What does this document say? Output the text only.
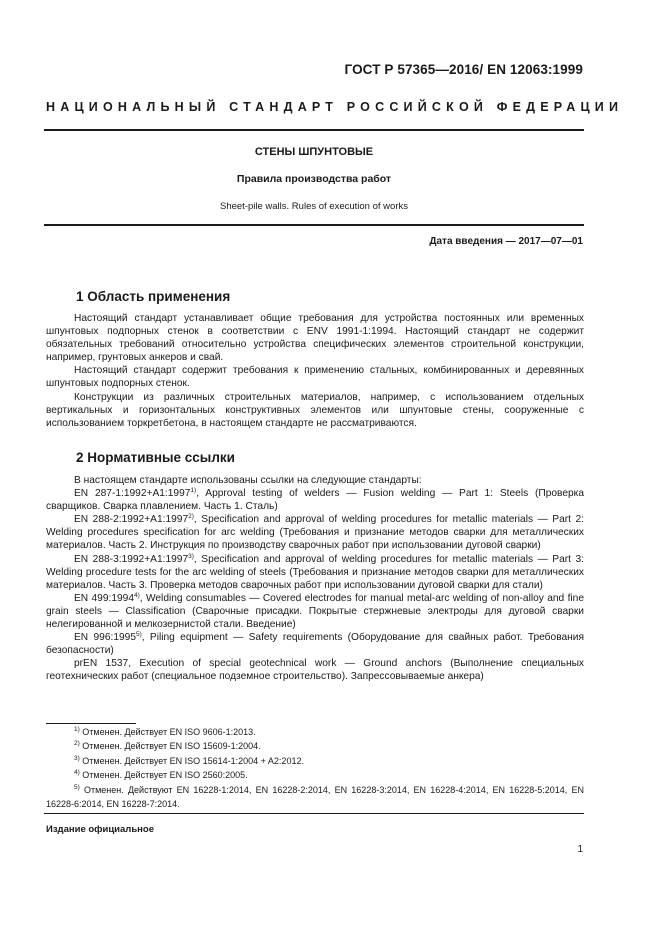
ГОСТ Р 57365—2016/ EN 12063:1999
НАЦИОНАЛЬНЫЙ СТАНДАРТ РОССИЙСКОЙ ФЕДЕРАЦИИ
СТЕНЫ ШПУНТОВЫЕ
Правила производства работ
Sheet-pile walls. Rules of execution of works
Дата введения — 2017—07—01
1 Область применения

Настоящий стандарт устанавливает общие требования для устройства постоянных или временных шпунтовых подпорных стенок в соответствии с ENV 1991-1:1994. Настоящий стандарт не содержит обязательных требований относительно устройства специфических элементов строительной конструкции, например, грунтовых анкеров и свай.

Настоящий стандарт содержит требования к применению стальных, комбинированных и деревянных шпунтовых подпорных стенок.

Конструкции из различных строительных материалов, например, с использованием отдельных вертикальных и горизонтальных конструктивных элементов или шпунтовые стены, сооруженные с использованием торкретбетона, в настоящем стандарте не рассматриваются.

2 Нормативные ссылки

В настоящем стандарте использованы ссылки на следующие стандарты:

EN $287-1:1992+A1:1997^{1)}$, Approval testing of welders — Fusion welding — Part 1: Steels (Проверка сварщиков. Сварка плавлением. Часть 1. Сталь)

EN $288-2:1992+A1:1997^{2)}$, Specification and approval of welding procedures for metallic materials — Part 2: Welding procedures specification for arc welding (Требования и признание методов сварки для металлических материалов. Часть 2. Инструкция по производству сварочных работ при использовании дуговой сварки)

EN $288-3:1992+A1:1997^{3)}$, Specification and approval of welding procedures for metallic materials — Part 3: Welding procedure tests for the arc welding of steels (Требования и признание методов сварки для металлических материалов. Часть 3. Проверка методов сварочных работ при использовании дуговой сварки для стали)

EN 499:1994$^{4)}$, Welding consumables — Covered electrodes for manual metal-arc welding of non-alloy and fine grain steels — Classification (Сварочные присадки. Покрытые стержневые электроды для дуговой сварки нелегированной и мелкозернистой стали. Введение)

EN 996:1995$^{5)}$, Piling equipment — Safety requirements (Оборудование для свайных работ. Требования безопасности)

prEN 1537, Execution of special geotechnical work — Ground anchors (Выполнение специальных геотехнических работ (специальное подземное строительство). Запрессовываемые анкера)

$^{1)}$ Отменен. Действует EN ISO 9606-1:2013.

$^{2)}$ Отменен. Действует EN ISO 15609-1:2004.

$^{3)}$ Отменен. Действует EN ISO 15614-1:2004 + A2:2012.

$^{4)}$ Отменен. Действует EN ISO 2560:2005.

$^{5)}$ Отменен. Действуют EN 16228-1:2014, EN 16228-2:2014, EN 16228-3:2014, EN 16228-4:2014, EN 16228-5:2014, EN 16228-6:2014, EN 16228-7:2014.

Издание официальное
1
